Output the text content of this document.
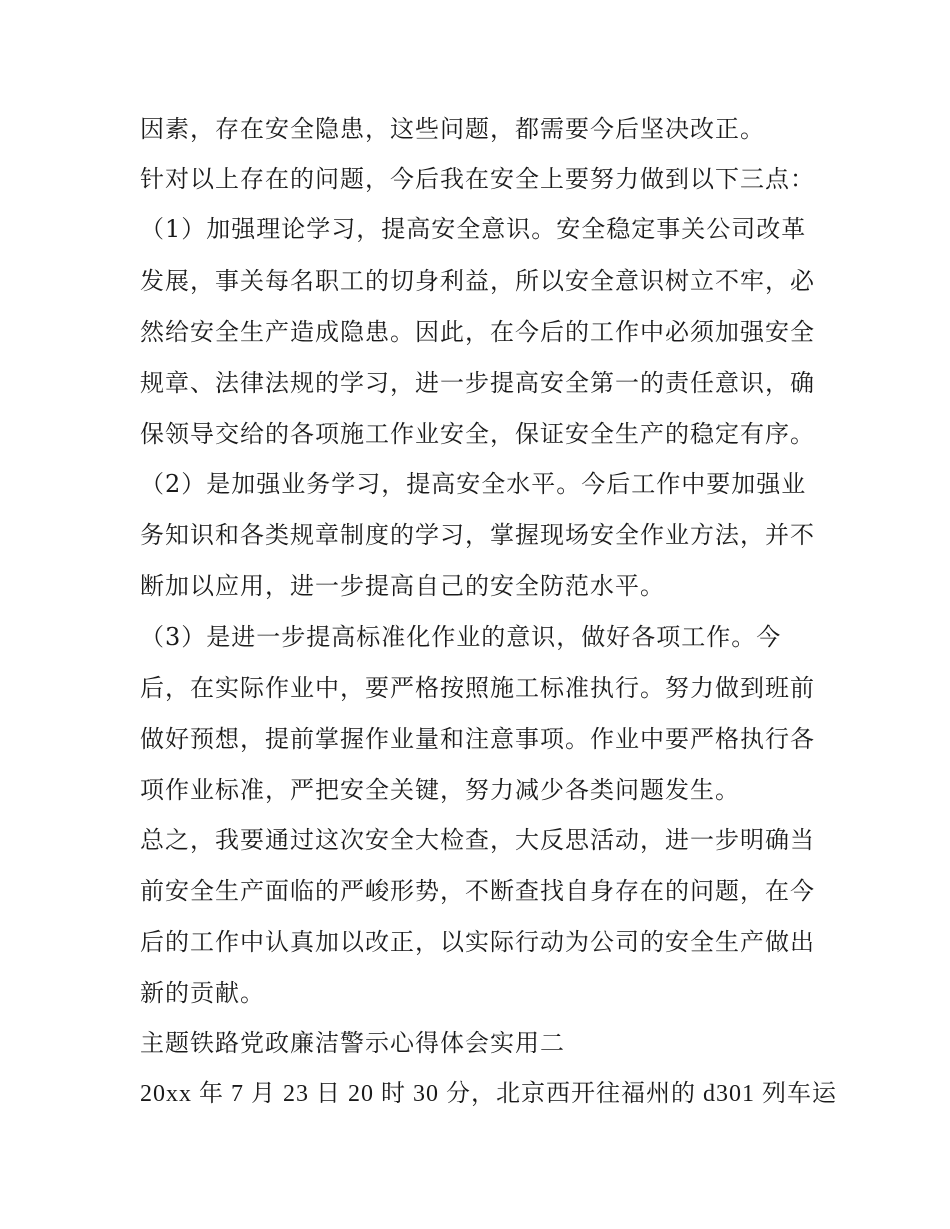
因素，存在安全隐患，这些问题，都需要今后坚决改正。
针对以上存在的问题，今后我在安全上要努力做到以下三点：
（1）加强理论学习，提高安全意识。安全稳定事关公司改革
发展，事关每名职工的切身利益，所以安全意识树立不牢，必
然给安全生产造成隐患。因此，在今后的工作中必须加强安全
规章、法律法规的学习，进一步提高安全第一的责任意识，确
保领导交给的各项施工作业安全，保证安全生产的稳定有序。
（2）是加强业务学习，提高安全水平。今后工作中要加强业
务知识和各类规章制度的学习，掌握现场安全作业方法，并不
断加以应用，进一步提高自己的安全防范水平。
（3）是进一步提高标准化作业的意识，做好各项工作。今
后，在实际作业中，要严格按照施工标准执行。努力做到班前
做好预想，提前掌握作业量和注意事项。作业中要严格执行各
项作业标准，严把安全关键，努力减少各类问题发生。
总之，我要通过这次安全大检查，大反思活动，进一步明确当
前安全生产面临的严峻形势，不断查找自身存在的问题，在今
后的工作中认真加以改正，以实际行动为公司的安全生产做出
新的贡献。
主题铁路党政廉洁警示心得体会实用二
20xx 年 7 月 23 日 20 时 30 分，北京西开往福州的 d301 列车运
